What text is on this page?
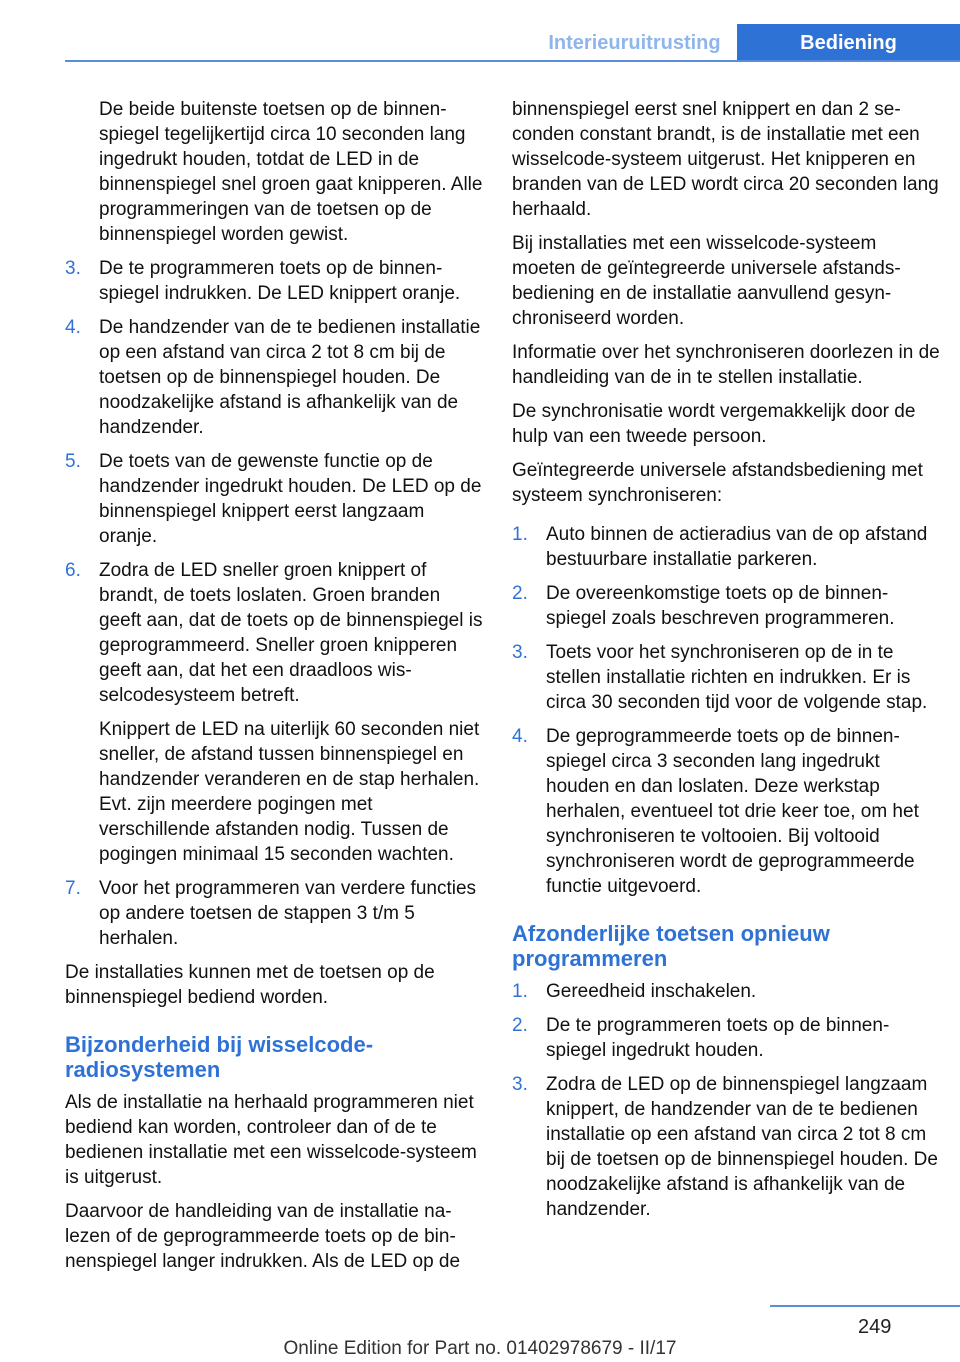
Interieuruitrusting	Bediening

De beide buitenste toetsen op de binnenspiegel tegelijkertijd circa 10 seconden lang ingedrukt houden, totdat de LED in de binnenspiegel snel groen gaat knipperen. Alle programmeringen van de toetsen op de binnenspiegel worden gewist.

3. De te programmeren toets op de binnenspiegel indrukken. De LED knippert oranje.
4. De handzender van de te bedienen installatie op een afstand van circa 2 tot 8 cm bij de toetsen op de binnenspiegel houden. De noodzakelijke afstand is afhankelijk van de handzender.
5. De toets van de gewenste functie op de handzender ingedrukt houden. De LED op de binnenspiegel knippert eerst langzaam oranje.
6. Zodra de LED sneller groen knippert of brandt, de toets loslaten. Groen branden geeft aan, dat de toets op de binnenspiegel is geprogrammeerd. Sneller groen knipperen geeft aan, dat het een draadloos wisselcodesysteem betreft.
Knippert de LED na uiterlijk 60 seconden niet sneller, de afstand tussen binnenspiegel en handzender veranderen en de stap herhalen. Evt. zijn meerdere pogingen met verschillende afstanden nodig. Tussen de pogingen minimaal 15 seconden wachten.
7. Voor het programmeren van verdere functies op andere toetsen de stappen 3 t/m 5 herhalen.

De installaties kunnen met de toetsen op de binnenspiegel bediend worden.

Bijzonderheid bij wisselcode-radiosystemen

Als de installatie na herhaald programmeren niet bediend kan worden, controleer dan of de te bedienen installatie met een wisselcode-systeem is uitgerust.

Daarvoor de handleiding van de installatie nalezen of de geprogrammeerde toets op de binnenspiegel langer indrukken. Als de LED op de

binnenspiegel eerst snel knippert en dan 2 seconden constant brandt, is de installatie met een wisselcode-systeem uitgerust. Het knipperen en branden van de LED wordt circa 20 seconden lang herhaald.

Bij installaties met een wisselcode-systeem moeten de geïntegreerde universele afstandsbediening en de installatie aanvullend gesynchroniseerd worden.

Informatie over het synchroniseren doorlezen in de handleiding van de in te stellen installatie.

De synchronisatie wordt vergemakkelijk door de hulp van een tweede persoon.

Geïntegreerde universele afstandsbediening met systeem synchroniseren:

1. Auto binnen de actieradius van de op afstand bestuurbare installatie parkeren.
2. De overeenkomstige toets op de binnenspiegel zoals beschreven programmeren.
3. Toets voor het synchroniseren op de in te stellen installatie richten en indrukken. Er is circa 30 seconden tijd voor de volgende stap.
4. De geprogrammeerde toets op de binnenspiegel circa 3 seconden lang ingedrukt houden en dan loslaten. Deze werkstap herhalen, eventueel tot drie keer toe, om het synchroniseren te voltooien. Bij voltooid synchroniseren wordt de geprogrammeerde functie uitgevoerd.
Afzonderlijke toetsen opnieuw programmeren
1. Gereedheid inschakelen.
2. De te programmeren toets op de binnenspiegel ingedrukt houden.
3. Zodra de LED op de binnenspiegel langzaam knippert, de handzender van de te bedienen installatie op een afstand van circa 2 tot 8 cm bij de toetsen op de binnenspiegel houden. De noodzakelijke afstand is afhankelijk van de handzender.
249
Online Edition for Part no. 01402978679 - II/17
